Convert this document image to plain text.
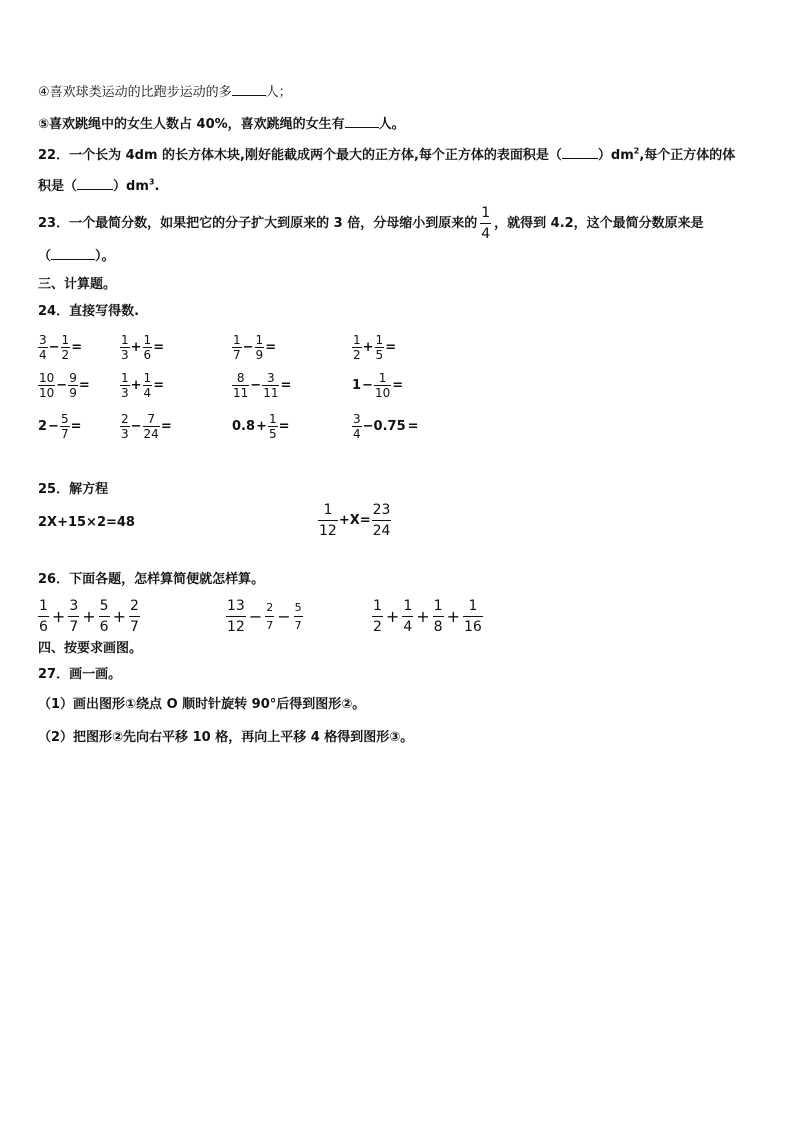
④喜欢球类运动的比跑步运动的多	人；
⑤喜欢跳绳中的女生人数占 40%，喜欢跳绳的女生有	人。
22．一个长为 4dm 的长方体木块,刚好能截成两个最大的正方体,每个正方体的表面积是（	）$dm^2$,每个正方体的体
积是（	）$dm^3$.
23．一个最简分数，如果把它的分子扩大到原来的 3 倍，分母缩小到原来的 $\frac{1}{4}$ ，就得到 4.2，这个最简分数原来是
（	）。
三、计算题。
24．直接写得数.
$\frac{3}{4} - \frac{1}{2}$ =	$\frac{1}{3} + \frac{1}{6}$ =	$\frac{1}{7} - \frac{1}{9}$ =	$\frac{1}{2} + \frac{1}{5}$ =
$\frac{10}{10} - \frac{9}{9}$ =	$\frac{1}{3} + \frac{1}{4}$ =	$\frac{8}{11} - \frac{3}{11}$ =	$1 - \frac{1}{10}$ =
$2 - \frac{5}{7}$ =	$\frac{2}{3} - \frac{7}{24}$ =	$0.8 + \frac{1}{5}$ =	$\frac{3}{4} -0.75$ =
25．解方程
2X+15×2=48	$\frac{1}{12} +X= \frac{23}{24}$
26．下面各题，怎样算简便就怎样算。
$\frac{1}{6} + \frac{3}{7} + \frac{5}{6} + \frac{2}{7}$	$\frac{13}{12} - \frac{2}{7} - \frac{5}{7}$	$\frac{1}{2} + \frac{1}{4} + \frac{1}{8} + \frac{1}{16}$
四、按要求画图。
27．画一画。
（1）画出图形①绕点 O 顺时针旋转 90°后得到图形②。
（2）把图形②先向右平移 10 格，再向上平移 4 格得到图形③。
